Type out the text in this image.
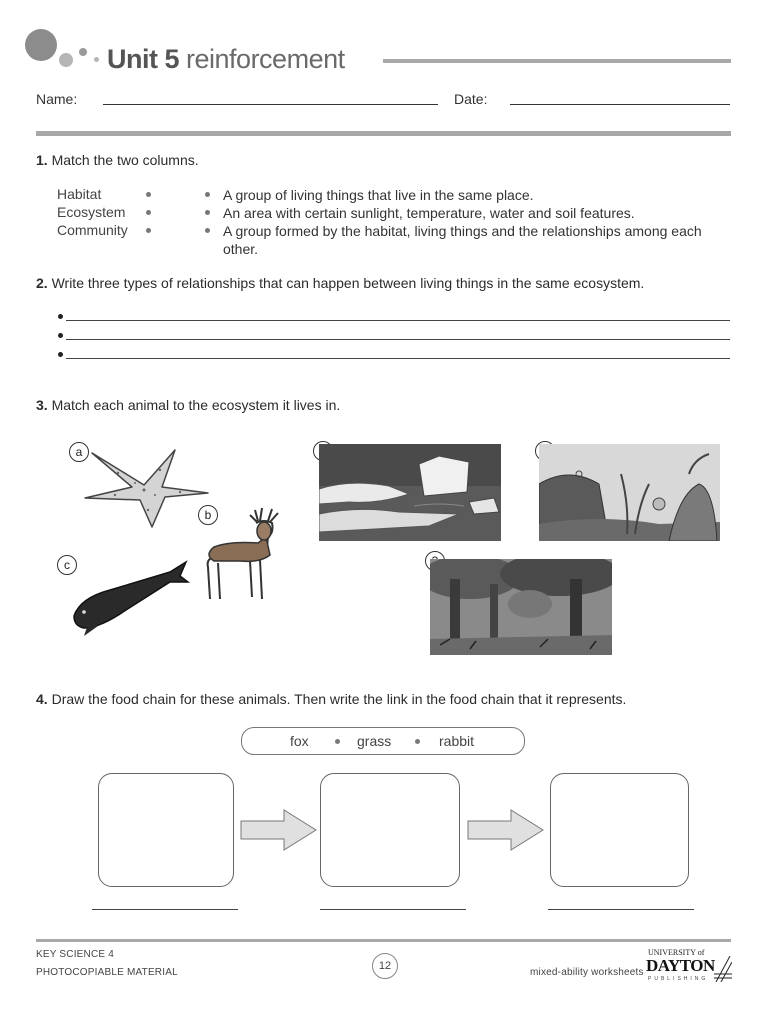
Unit 5 reinforcement
Name:	Date:
1. Match the two columns.
Habitat
Ecosystem
Community
A group of living things that live in the same place.
An area with certain sunlight, temperature, water and soil features.
A group formed by the habitat, living things and the relationships among each other.
2. Write three types of relationships that can happen between living things in the same ecosystem.
3. Match each animal to the ecosystem it lives in.
a
b
c
4. Draw the food chain for these animals. Then write the link in the food chain that it represents.
fox	grass	rabbit
KEY SCIENCE 4
PHOTOCOPIABLE MATERIAL
12
mixed-ability worksheets
UNIVERSITY of
DAYTON
PUBLISHING
